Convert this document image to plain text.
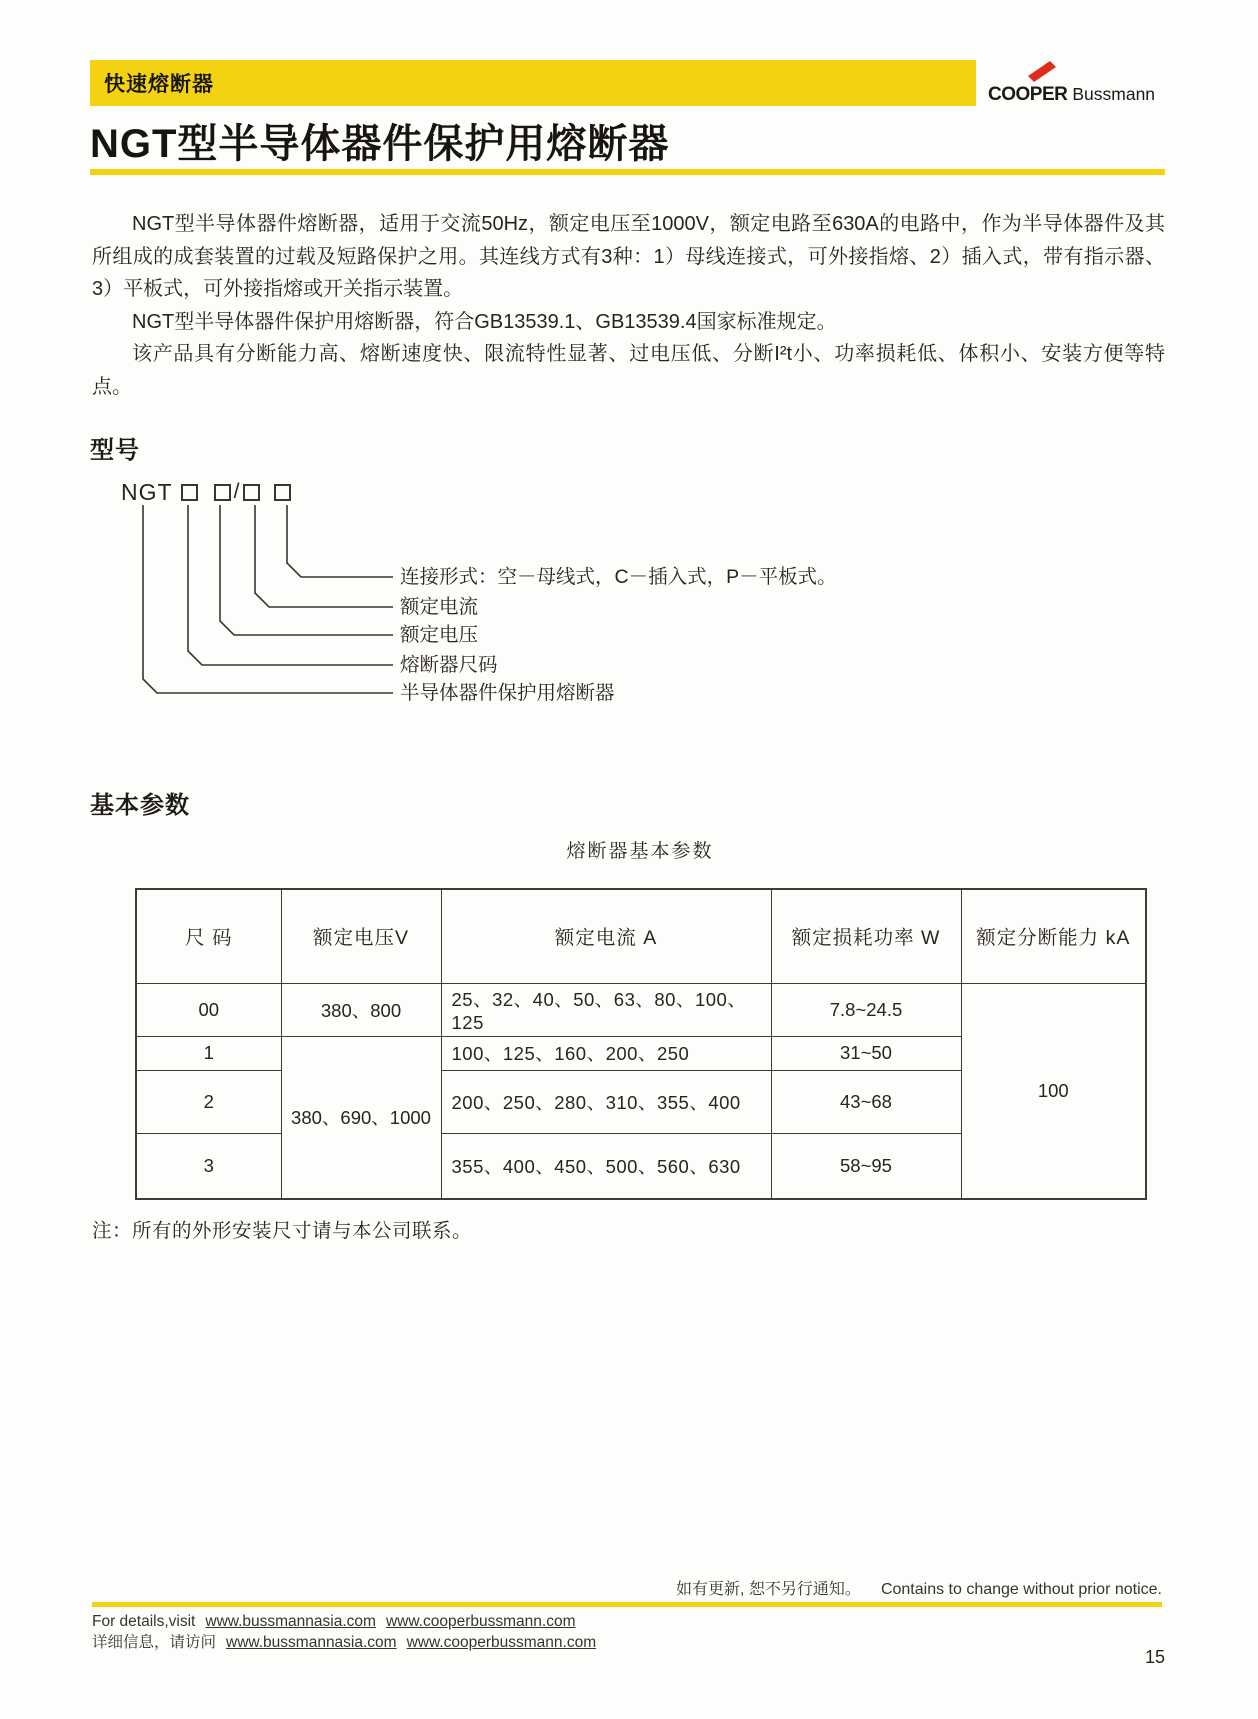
快速熔断器	COOPER Bussmann
NGT型半导体器件保护用熔断器

NGT型半导体器件熔断器，适用于交流50Hz，额定电压至1000V，额定电路至630A的电路中，作为半导体器件及其所组成的成套装置的过载及短路保护之用。其连线方式有3种：1）母线连接式，可外接指熔、2）插入式，带有指示器、3）平板式，可外接指熔或开关指示装置。

NGT型半导体器件保护用熔断器，符合GB13539.1、GB13539.4国家标准规定。

该产品具有分断能力高、熔断速度快、限流特性显著、过电压低、分断I²t小、功率损耗低、体积小、安装方便等特点。

型号
NGT	/
连接形式：空－母线式，C－插入式，P－平板式。
额定电流
额定电压
熔断器尺码
半导体器件保护用熔断器
基本参数
熔断器基本参数
尺 码	额定电压V	额定电流 A	额定损耗功率 W	额定分断能力 kA
00	380、800	25、32、40、50、63、80、100、125	7.8~24.5	100
1	380、690、1000	100、125、160、200、250	31~50	
2		200、250、280、310、355、400	43~68	
3		355、400、450、500、560、630	58~95	
注：所有的外形安装尺寸请与本公司联系。
如有更新, 恕不另行通知。 Contains to change without prior notice.
For details,visit www.bussmannasia.com www.cooperbussmann.com
详细信息，请访问 www.bussmannasia.com www.cooperbussmann.com
15
